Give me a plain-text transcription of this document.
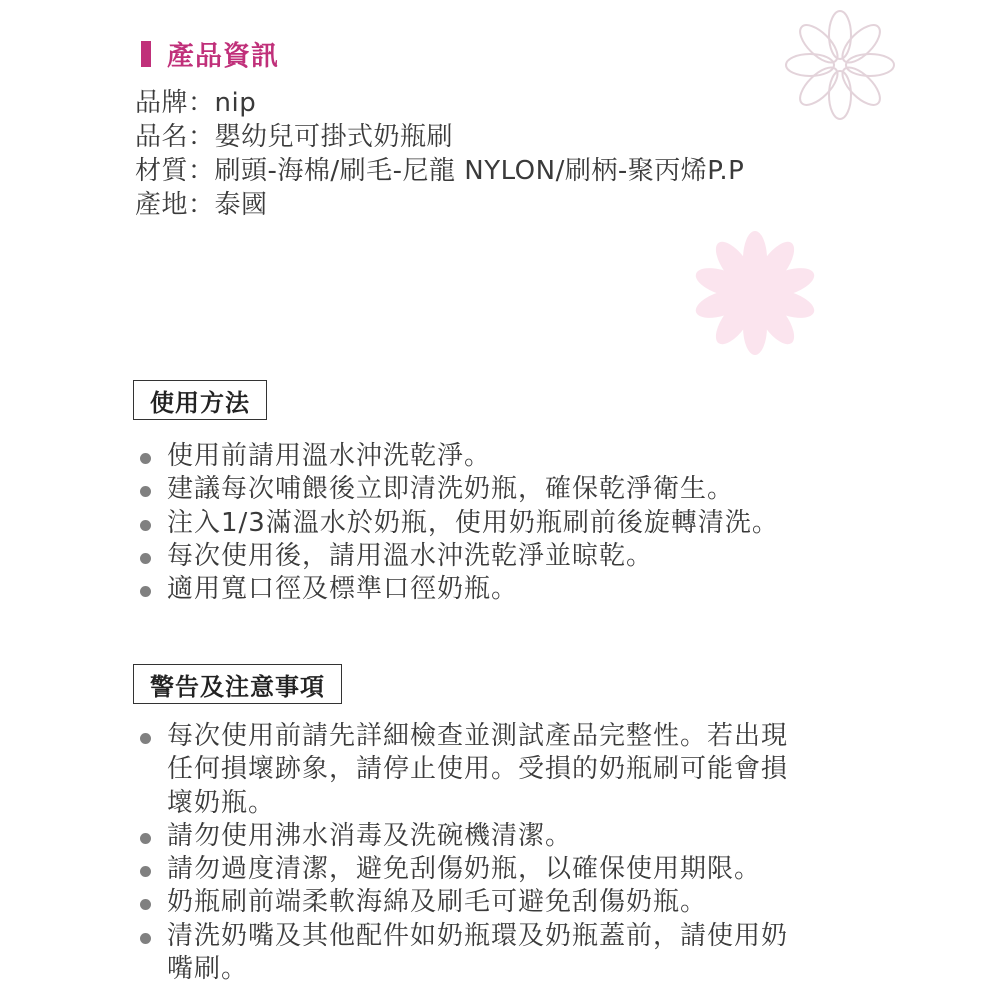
產品資訊
品牌：nip
品名：嬰幼兒可掛式奶瓶刷
材質：刷頭-海棉/刷毛-尼龍 NYLON/刷柄-聚丙烯P.P
產地：泰國
使用方法
使用前請用溫水沖洗乾淨。
建議每次哺餵後立即清洗奶瓶，確保乾淨衛生。
注入1/3滿溫水於奶瓶，使用奶瓶刷前後旋轉清洗。
每次使用後，請用溫水沖洗乾淨並晾乾。
適用寬口徑及標準口徑奶瓶。
警告及注意事項
每次使用前請先詳細檢查並測試產品完整性。若出現
任何損壞跡象，請停止使用。受損的奶瓶刷可能會損
壞奶瓶。
請勿使用沸水消毒及洗碗機清潔。
請勿過度清潔，避免刮傷奶瓶，以確保使用期限。
奶瓶刷前端柔軟海綿及刷毛可避免刮傷奶瓶。
清洗奶嘴及其他配件如奶瓶環及奶瓶蓋前，請使用奶
嘴刷。
